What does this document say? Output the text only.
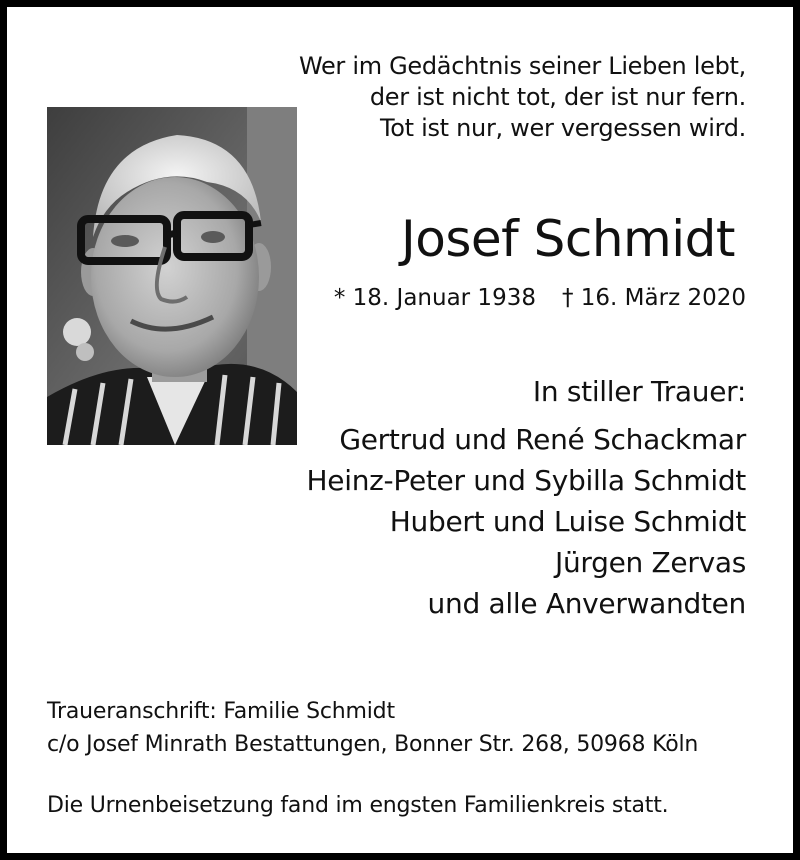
Wer im Gedächtnis seiner Lieben lebt,
der ist nicht tot, der ist nur fern.
Tot ist nur, wer vergessen wird.
Josef Schmidt
* 18. Januar 1938 † 16. März 2020
In stiller Trauer:
Gertrud und René Schackmar
Heinz-Peter und Sybilla Schmidt
Hubert und Luise Schmidt
Jürgen Zervas
und alle Anverwandten
Traueranschrift: Familie Schmidt
c/o Josef Minrath Bestattungen, Bonner Str. 268, 50968 Köln
Die Urnenbeisetzung fand im engsten Familienkreis statt.
